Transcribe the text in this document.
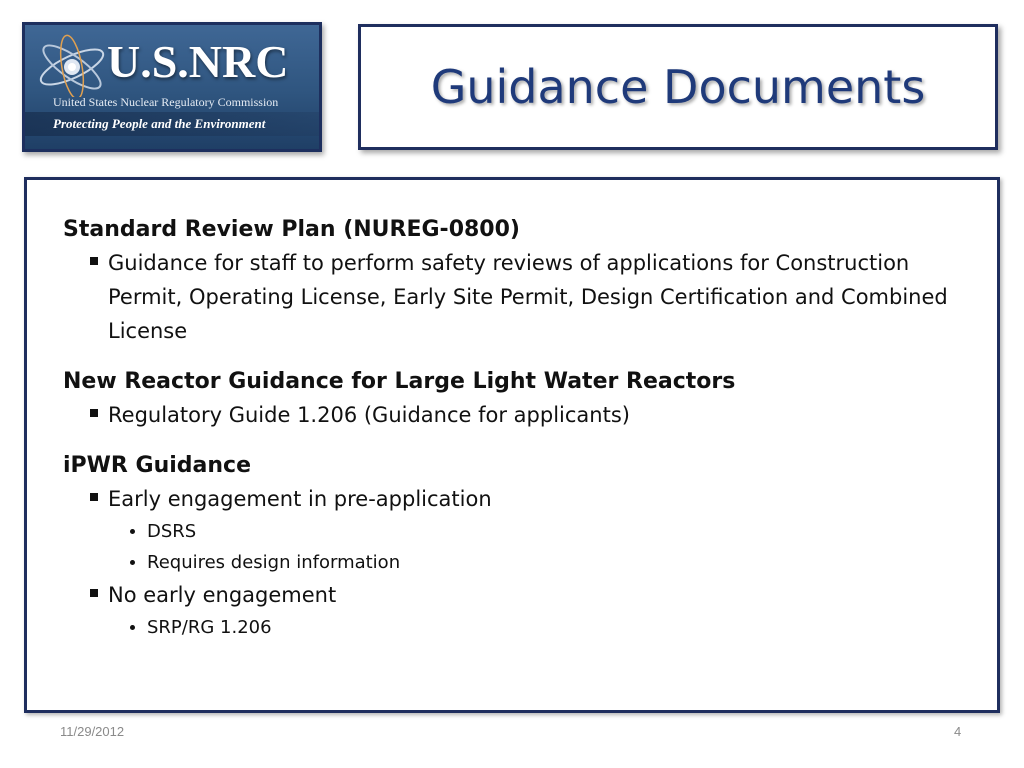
U.S.NRC
United States Nuclear Regulatory Commission
Protecting People and the Environment
Guidance Documents
Standard Review Plan (NUREG-0800)
Guidance for staff to perform safety reviews of applications for Construction Permit, Operating License, Early Site Permit, Design Certification and Combined License
New Reactor Guidance for Large Light Water Reactors
Regulatory Guide 1.206 (Guidance for applicants)
iPWR Guidance
Early engagement in pre-application
DSRS
Requires design information
No early engagement
SRP/RG 1.206
11/29/2012	4
